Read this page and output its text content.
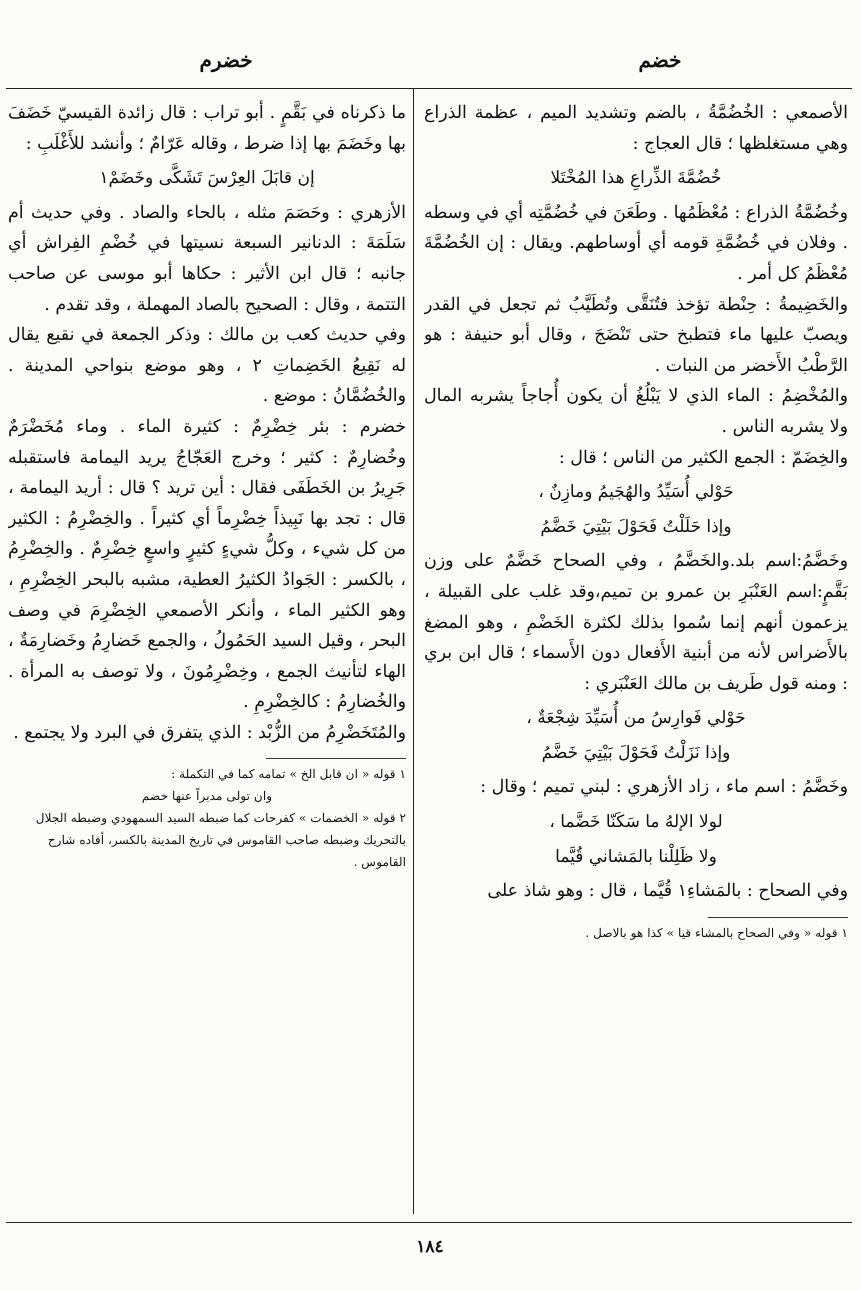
خضم
خضرم

الأصمعي : الخُضُمَّةُ ، بالضم وتشديد الميم ، عظمة الذراع وهي مستغلظها ؛ قال العجاج :

خُضُمَّةَ الذِّراعِ هذا المُخْتَلا

وخُضُمَّةُ الذراع : مُعْظَمُها . وطَعَنَ في خُضُمَّتِه أي في وسطه . وفلان في خُضُمَّةِ قومه أي أوساطهم. ويقال : إن الخُضُمَّةَ مُعْظَمُ كل أمر .

والخَضِيمةُ : حِنْطة تؤخذ فتُنَقَّى وتُطَيَّبُ ثم تجعل في القدر ويصبّ عليها ماء فتطبخ حتى تَنْضَجَ ، وقال أبو حنيفة : هو الرَّطْبُ الأَخضر من النبات .

والمُخْضِمُ : الماء الذي لا يَبْلُغُ أن يكون أُجاجاً يشربه المال ولا يشربه الناس .

والخِضَمّ : الجمع الكثير من الناس ؛ قال :

حَوْلي أُسَيِّدُ والهُجَيمُ ومازِنٌ ،

وإذا حَلَلْتُ فَحَوْلَ بَيْتِيَ خَضَّمُ

وخَضَّمُ:اسم بلد.والخَضَّمُ ، وفي الصحاح خَضَّمٌ على وزن بَقَّمٍ:اسم العَنْبَرِ بن عمرو بن تميم،وقد غلب على القبيلة ، يزعمون أنهم إنما سُموا بذلك لكثرة الخَضْمِ ، وهو المضغ بالأَضراس لأنه من أبنية الأَفعال دون الأَسماء ؛ قال ابن بري : ومنه قول طَريف بن مالك العَنْبَري :

حَوْلي فَوارِسُ من أُسَيِّدَ شِجْعَةٌ ،

وإذا نَزَلْتُ فَحَوْلَ بَيْتِيَ خَضَّمُ

وخَضَّمُ : اسم ماء ، زاد الأزهري : لبني تميم ؛ وقال :

لولا الإلهُ ما سَكَنّا خَضَّما ،

ولا ظَلِلْنا بالمَشاني قُيَّما

وفي الصحاح : بالمَشاءِ١ قُيَّما ، قال : وهو شاذ على

١ قوله « وفي الصحاح بالمشاء قيا » كذا هو بالاصل .

ما ذكرناه في بَقَّمٍ . أبو تراب : قال زائدة القيسيّ خَضَفَ بها وخَضَمَ بها إذا ضرط ، وقاله عَرّامٌ ؛ وأنشد للأَغْلَبِ :

إن قابَلَ العِرْسَ تَشَكَّى وخَضَمْ١

الأزهري : وحَصَمَ مثله ، بالحاء والصاد . وفي حديث أم سَلَمَةَ : الدنانير السبعة نسيتها في خُضْمِ الفِراش أي جانبه ؛ قال ابن الأثير : حكاها أبو موسى عن صاحب التتمة ، وقال : الصحيح بالصاد المهملة ، وقد تقدم .

وفي حديث كعب بن مالك : وذكر الجمعة في نقيع يقال له نَقِيعُ الخَضِماتِ ٢ ، وهو موضع بنواحي المدينة . والخُضُمَّانُ : موضع .

خضرم : بئر خِضْرِمٌ : كثيرة الماء . وماء مُخَضْرَمٌ وخُضارِمٌ : كثير ؛ وخرج العَجّاجُ يريد اليمامة فاستقبله جَرِيرُ بن الخَطَفَى فقال : أين تريد ؟ قال : أريد اليمامة ، قال : تجد بها نَبِيذاً خِضْرِماً أي كثيراً . والخِضْرِمُ : الكثير من كل شيء ، وكلُّ شيءٍ كثيرٍ واسعٍ خِضْرِمٌ . والخِضْرِمُ ، بالكسر : الجَوادُ الكثيرُ العطية، مشبه بالبحر الخِضْرِمِ ، وهو الكثير الماء ، وأنكر الأصمعي الخِضْرِمَ في وصف البحر ، وقيل السيد الحَمُولُ ، والجمع خَضارِمُ وخَضارِمَةٌ ، الهاء لتأنيث الجمع ، وخِضْرِمُونَ ، ولا توصف به المرأة . والخُضارِمُ : كالخِضْرِمِ .

والمُتَخَضْرِمُ من الزُّبْد : الذي يتفرق في البرد ولا يجتمع .

١ قوله « ان قابل الخ » تمامه كما في التكملة :

وان تولى مدبراً عنها خضم

٢ قوله « الخضمات » كفرحات كما ضبطه السيد السمهودي وضبطه الجلال بالتحريك وضبطه صاحب القاموس في تاريخ المدينة بالكسر، أفاده شارح القاموس .

١٨٤
